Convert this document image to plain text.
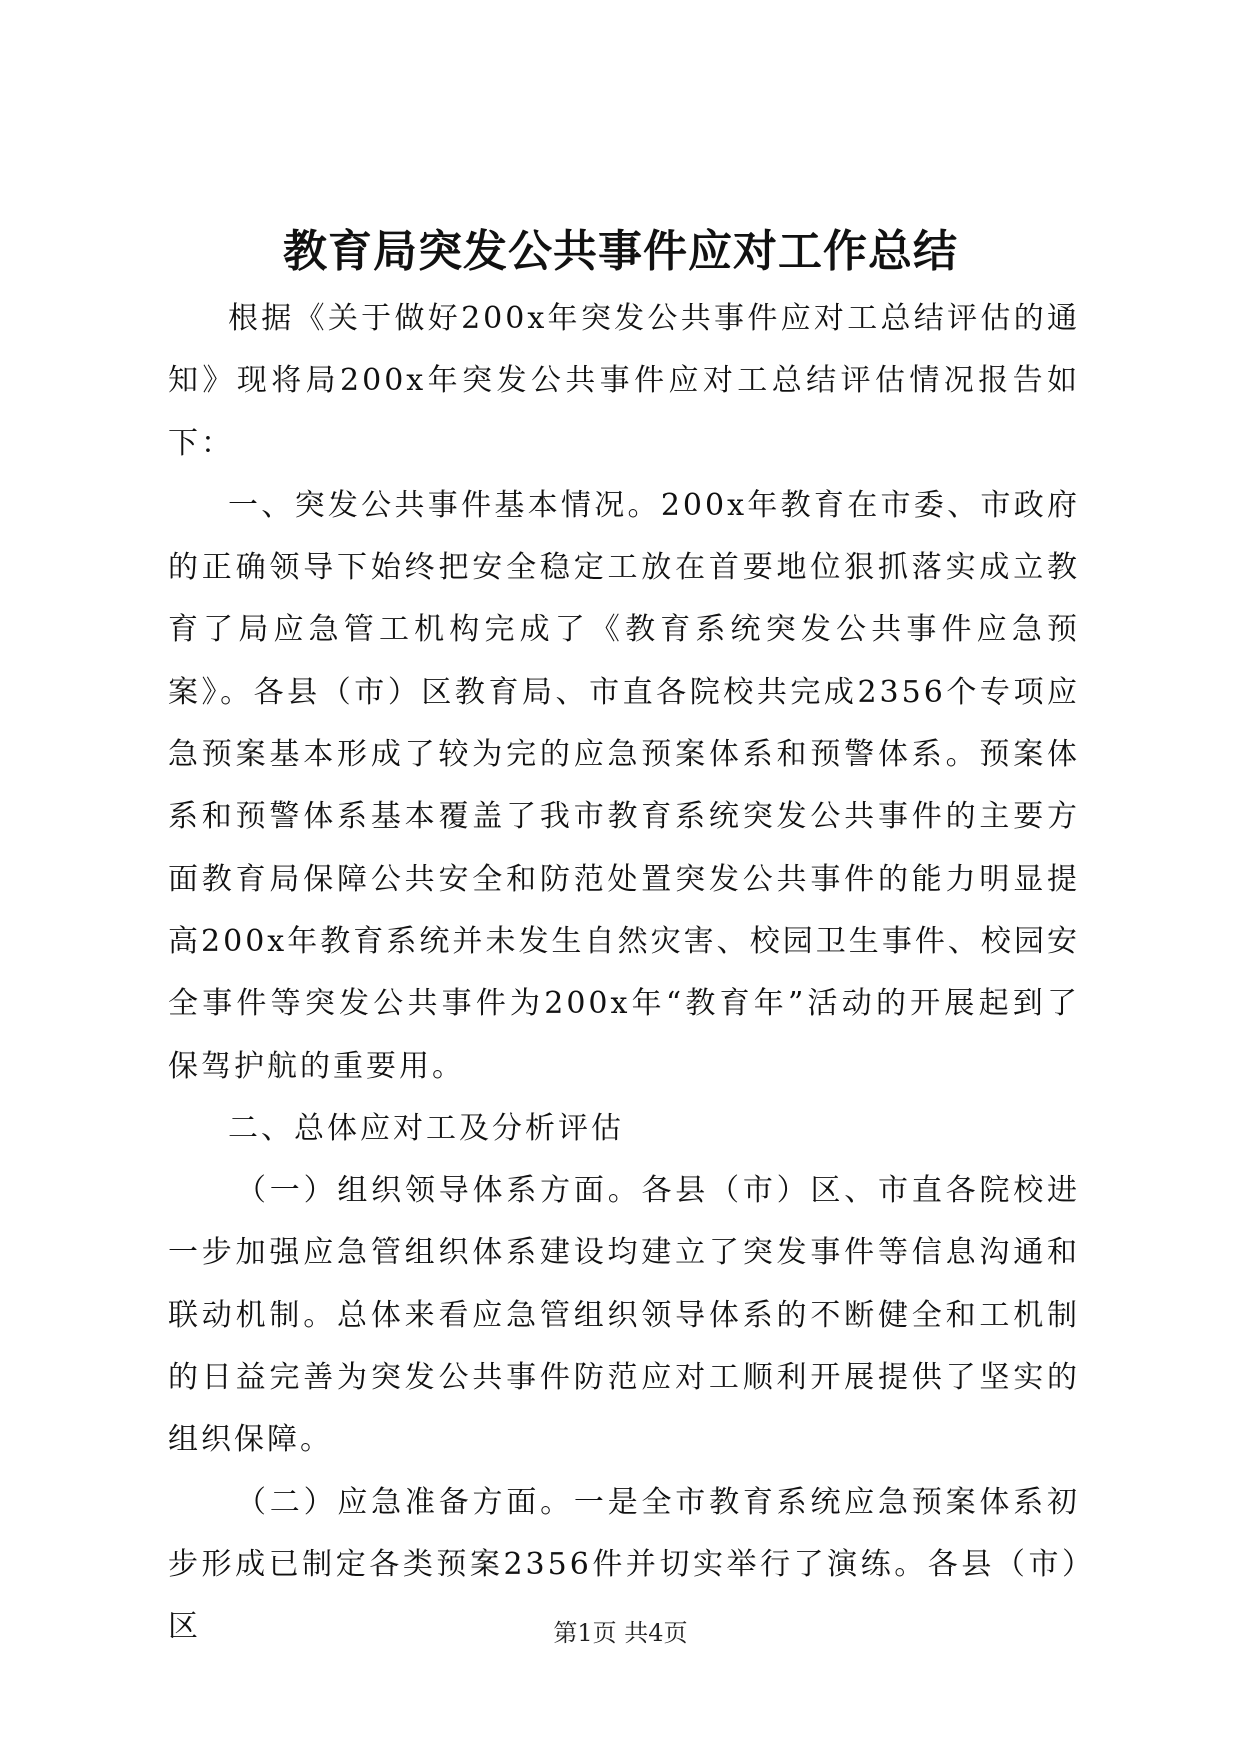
教育局突发公共事件应对工作总结

根据《关于做好200x年突发公共事件应对工总结评估的通知》现将局200x年突发公共事件应对工总结评估情况报告如下：

一、突发公共事件基本情况。200x年教育在市委、市政府的正确领导下始终把安全稳定工放在首要地位狠抓落实成立教育了局应急管工机构完成了《教育系统突发公共事件应急预案》。各县（市）区教育局、市直各院校共完成2356个专项应急预案基本形成了较为完的应急预案体系和预警体系。预案体系和预警体系基本覆盖了我市教育系统突发公共事件的主要方面教育局保障公共安全和防范处置突发公共事件的能力明显提高200x年教育系统并未发生自然灾害、校园卫生事件、校园安全事件等突发公共事件为200x年“教育年”活动的开展起到了保驾护航的重要用。

二、总体应对工及分析评估

（一）组织领导体系方面。各县（市）区、市直各院校进一步加强应急管组织体系建设均建立了突发事件等信息沟通和联动机制。总体来看应急管组织领导体系的不断健全和工机制的日益完善为突发公共事件防范应对工顺利开展提供了坚实的组织保障。

（二）应急准备方面。一是全市教育系统应急预案体系初步形成已制定各类预案2356件并切实举行了演练。各县（市）区	第1页 共4页
